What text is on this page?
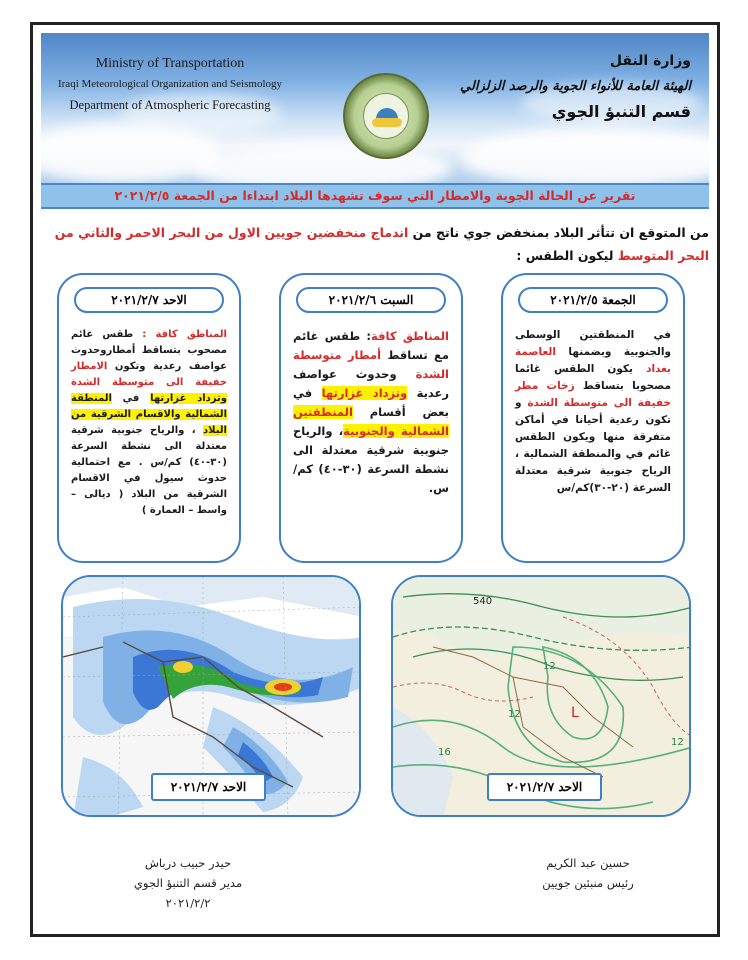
Ministry of Transportation
Iraqi Meteorological Organization and Seismology
Department of Atmospheric Forecasting
وزارة النقل
الهيئة العامة للأنواء الجوية والرصد الزلزالي
قسم التنبؤ الجوي
تقرير عن الحالة الجوية والامطار التي سوف تشهدها البلاد ابتداءا من الجمعة ٢٠٢١/٢/٥
من المتوقع ان تتأثر البلاد بمنخفض جوي ناتج من اندماج منخفضين جويين الاول من البحر الاحمر والثاني من البحر المتوسط ليكون الطقس :
الجمعة ٢٠٢١/٢/٥
في المنطقتين الوسطى والجنوبية وبضمنها العاصمة بغداد يكون الطقس غائما مصحوبا بتساقط زخات مطر خفيفة الى متوسطة الشدة و تكون رعدية أحيانا في أماكن متفرقة منها ويكون الطقس غائم في والمنطقة الشمالية ، الرياح جنوبية شرقية معتدلة السرعة (٢٠-٣٠)كم/س
السبت ٢٠٢١/٢/٦
المناطق كافة: طقس غائم مع تساقط أمطار متوسطة الشدة وحدوث عواصف رعدية وتزداد غزارتها في بعض أقسام المنطقتين الشمالية والجنوبية، والرياح جنوبية شرقية معتدلة الى نشطة السرعة (٣٠-٤٠) كم/س.
الاحد ٢٠٢١/٢/٧
المناطق كافة : طقس غائم مصحوب بتساقط أمطاروحدوث عواصف رعدية وتكون الامطار خفيفة الى متوسطة الشدة وتزداد غزارتها في المنطقة الشمالية والاقسام الشرقية من البلاد ، والرياح جنوبية شرقية معتدلة الى نشطة السرعة (٣٠-٤٠) كم/س . مع احتمالية حدوث سيول في الاقسام الشرقية من البلاد ( ديالى – واسط – العمارة )
الاحد ٢٠٢١/٢/٧
540
12
12
16
12
L
الاحد ٢٠٢١/٢/٧
حسين عبد الكريم
رئيس منبئين جويين
حيدر حبيب درباش
مدير قسم التنبؤ الجوي
٢٠٢١/٢/٢
